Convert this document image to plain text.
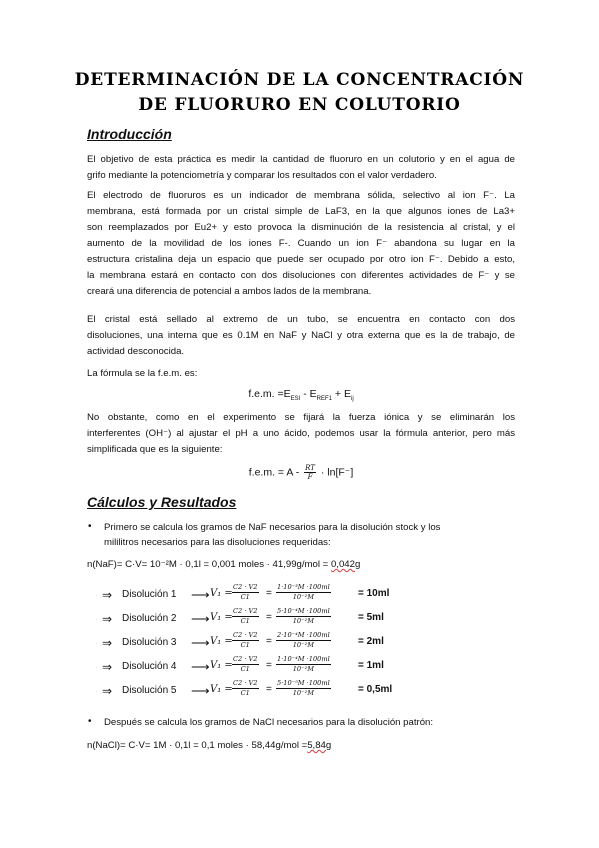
DETERMINACIÓN DE LA CONCENTRACIÓN
DE FLUORURO EN COLUTORIO
Introducción
El objetivo de esta práctica es medir la cantidad de fluoruro en un colutorio y en el agua de
grifo mediante la potenciometría y comparar los resultados con el valor verdadero.
El electrodo de fluoruros es un indicador de membrana sólida, selectivo al ion F⁻. La
membrana, está formada por un cristal simple de LaF3, en la que algunos iones de La3+
son reemplazados por Eu2+ y esto provoca la disminución de la resistencia al cristal, y el
aumento de la movilidad de los iones F-. Cuando un ion F⁻ abandona su lugar en la
estructura cristalina deja un espacio que puede ser ocupado por otro ion F⁻. Debido a esto,
la membrana estará en contacto con dos disoluciones con diferentes actividades de F⁻ y se
creará una diferencia de potencial a ambos lados de la membrana.
El cristal está sellado al extremo de un tubo, se encuentra en contacto con dos
disoluciones, una interna que es 0.1M en NaF y NaCl y otra externa que es la de trabajo, de
actividad desconocida.
La fórmula se la f.e.m. es:
f.e.m. $=E_{ESI} - E_{REF1} + E_{ij}$
No obstante, como en el experimento se fijará la fuerza iónica y se eliminarán los
interferentes (OH⁻) al ajustar el pH a uno ácido, podemos usar la fórmula anterior, pero más
simplificada que es la siguiente:
f.e.m. = $A - \frac{RT}{F} \cdot \ln[F^-]$
Cálculos y Resultados
• Primero se calcula los gramos de NaF necesarios para la disolución stock y los
mililitros necesarios para las disoluciones requeridas:
n(NaF)= C·V= 10⁻²M · 0,1l = 0,001 moles · 41,99g/mol = 0,042g
⇒ Disolución 1 ⟶ $V_1 = \frac{C2 \cdot V2}{C1} = \frac{\text{1·10⁻³M ·100ml}}{\text{10⁻²M}}$	= 10ml
⇒ Disolución 2 ⟶ $V_1 = \frac{C2 \cdot V2}{C1} = \frac{\text{5·10⁻⁴M ·100ml}}{\text{10⁻²M}}$	= 5ml
⇒ Disolución 3 ⟶ $V_1 = \frac{C2 \cdot V2}{C1} = \frac{\text{2·10⁻⁴M ·100ml}}{\text{10⁻²M}}$	= 2ml
⇒ Disolución 4 ⟶ $V_1 = \frac{C2 \cdot V2}{C1} = \frac{\text{1·10⁻⁴M ·100ml}}{\text{10⁻²M}}$	= 1ml
⇒ Disolución 5 ⟶ $V_1 = \frac{C2 \cdot V2}{C1} = \frac{\text{5·10⁻⁵M ·100ml}}{\text{10⁻²M}}$	= 0,5ml
• Después se calcula los gramos de NaCl necesarios para la disolución patrón:
n(NaCl)= C·V= 1M · 0,1l = 0,1 moles · 58,44g/mol =5,84g
